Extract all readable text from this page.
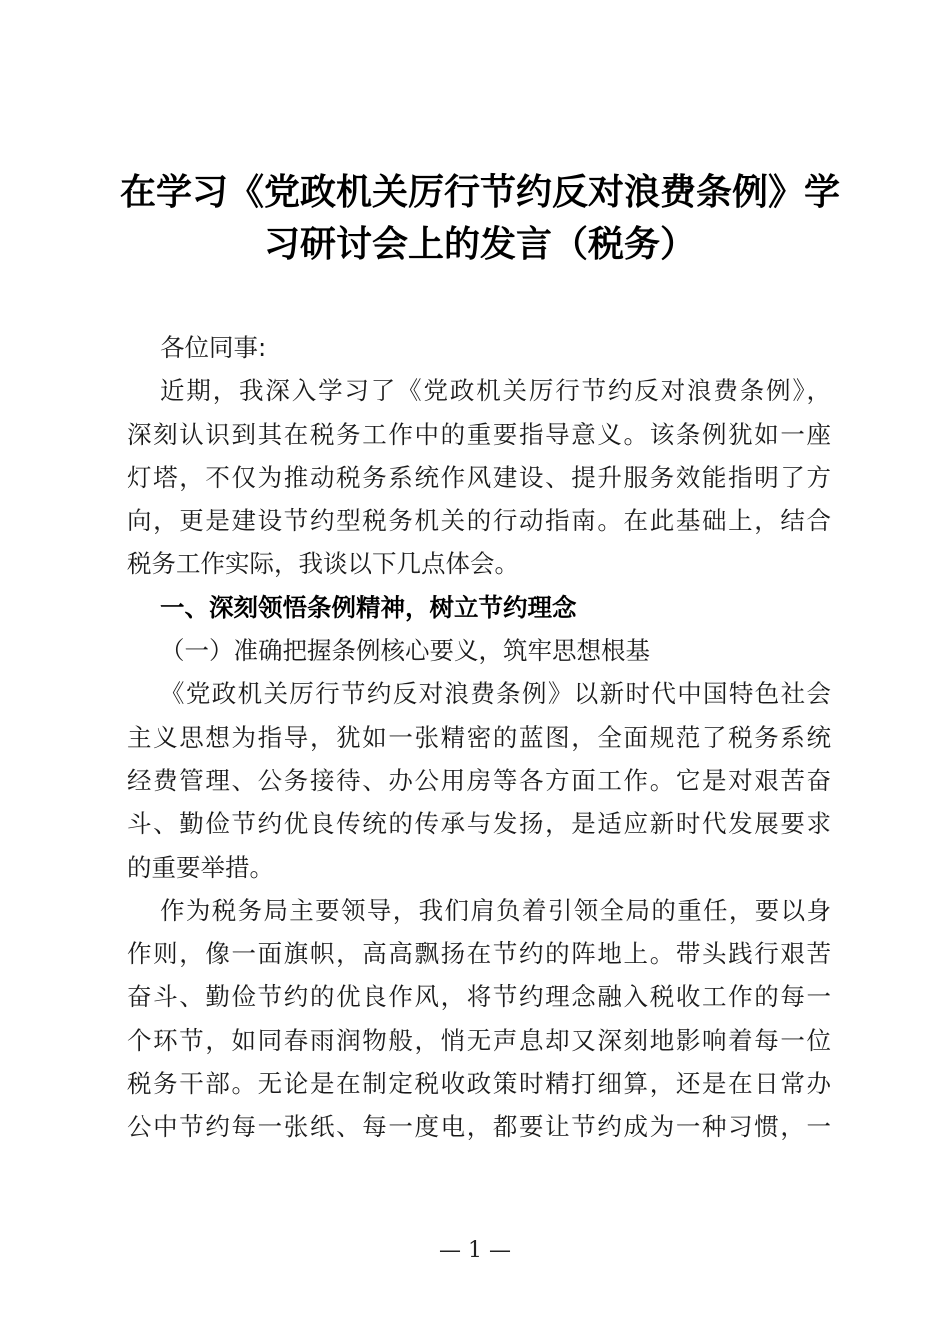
在学习《党政机关厉行节约反对浪费条例》学
习研讨会上的发言（税务）
各位同事:
近期，我深入学习了《党政机关厉行节约反对浪费条例》，
深刻认识到其在税务工作中的重要指导意义。该条例犹如一座
灯塔，不仅为推动税务系统作风建设、提升服务效能指明了方
向，更是建设节约型税务机关的行动指南。在此基础上，结合
税务工作实际，我谈以下几点体会。
一、深刻领悟条例精神，树立节约理念
（一）准确把握条例核心要义，筑牢思想根基
《党政机关厉行节约反对浪费条例》以新时代中国特色社会
主义思想为指导，犹如一张精密的蓝图，全面规范了税务系统
经费管理、公务接待、办公用房等各方面工作。它是对艰苦奋
斗、勤俭节约优良传统的传承与发扬，是适应新时代发展要求
的重要举措。
作为税务局主要领导，我们肩负着引领全局的重任，要以身
作则，像一面旗帜，高高飘扬在节约的阵地上。带头践行艰苦
奋斗、勤俭节约的优良作风，将节约理念融入税收工作的每一
个环节，如同春雨润物般，悄无声息却又深刻地影响着每一位
税务干部。无论是在制定税收政策时精打细算，还是在日常办
公中节约每一张纸、每一度电，都要让节约成为一种习惯，一
— 1 —
